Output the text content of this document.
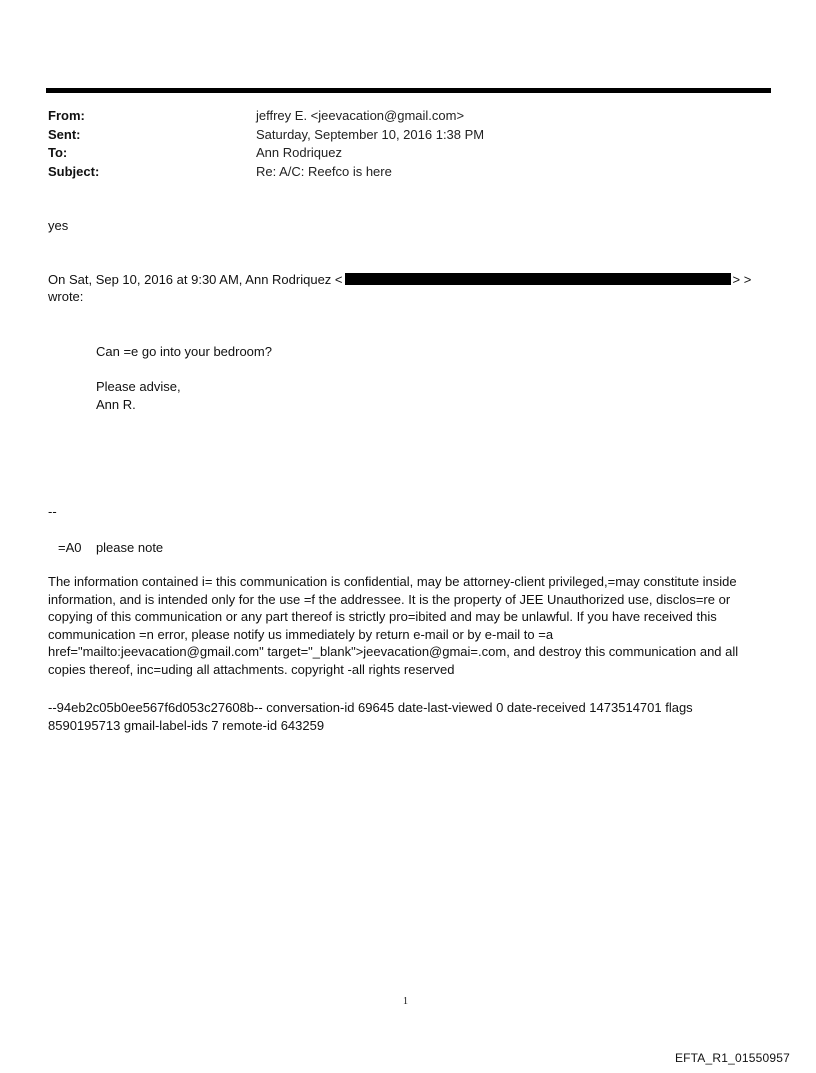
From:	jeffrey E. <jeevacation@gmail.com>
Sent:	Saturday, September 10, 2016 1:38 PM
To:	Ann Rodriquez
Subject:	Re: A/C: Reefco is here
yes
On Sat, Sep 10, 2016 at 9:30 AM, Ann Rodriquez <	> >
wrote:
Can =e go into your bedroom?
Please advise,
Ann R.
--
=A0    please note
The information contained i= this communication is confidential, may be attorney-client privileged,=may constitute inside information, and is intended only for the use =f the addressee. It is the property of JEE Unauthorized use, disclos=re or copying of this communication or any part thereof is strictly pro=ibited and may be unlawful. If you have received this communication =n error, please notify us immediately by return e-mail or by e-mail to =a href="mailto:jeevacation@gmail.com" target="_blank">jeevacation@gmai=.com, and destroy this communication and all copies thereof, inc=uding all attachments. copyright -all rights reserved
--94eb2c05b0ee567f6d053c27608b-- conversation-id 69645 date-last-viewed 0 date-received 1473514701 flags 8590195713 gmail-label-ids 7 remote-id 643259
1
EFTA_R1_01550957
